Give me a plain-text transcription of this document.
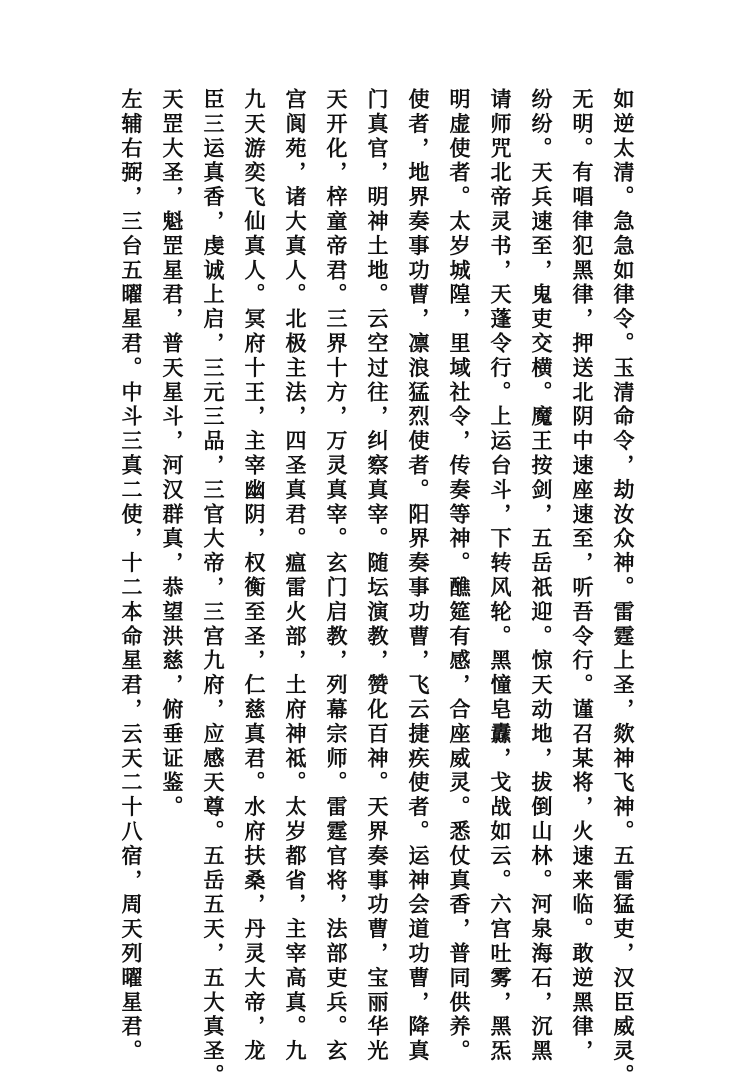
如逆太清。急急如律令。玉清命令，劫汝众神。雷霆上圣，欻神飞神。五雷猛吏，汉臣威灵。
无明。有唱律犯黑律，押送北阴中速座速至，听吾令行。谨召某将，火速来临。敢逆黑律，
纷纷。天兵速至，鬼吏交横。魔王按剑，五岳祇迎。惊天动地，拔倒山林。河泉海石，沉黑
请师咒北帝灵书，天蓬令行。上运台斗，下转风轮。黑憧皂纛，戈战如云。六宫吐雾，黑炁
明虚使者。太岁城隍，里域社令，传奏等神。醮筵有感，合座威灵。悉仗真香，普同供养。
使者，地界奏事功曹，凛浪猛烈使者。阳界奏事功曹，飞云捷疾使者。运神会道功曹，降真
门真官，明神土地。云空过往，纠察真宰。随坛演教，赞化百神。天界奏事功曹，宝丽华光
天开化，梓童帝君。三界十方，万灵真宰。玄门启教，列幕宗师。雷霆官将，法部吏兵。玄
宫阆苑，诸大真人。北极主法，四圣真君。瘟雷火部，土府神祗。太岁都省，主宰高真。九
九天游奕飞仙真人。冥府十王，主宰幽阴，权衡至圣，仁慈真君。水府扶桑，丹灵大帝，龙
臣三运真香，虔诚上启，三元三品，三官大帝，三宫九府，应感天尊。五岳五天，五大真圣。
天罡大圣，魁罡星君，普天星斗，河汉群真，恭望洪慈，俯垂证鉴。
左辅右弼，三台五曜星君。中斗三真二使，十二本命星君，云天二十八宿，周天列曜星君。
